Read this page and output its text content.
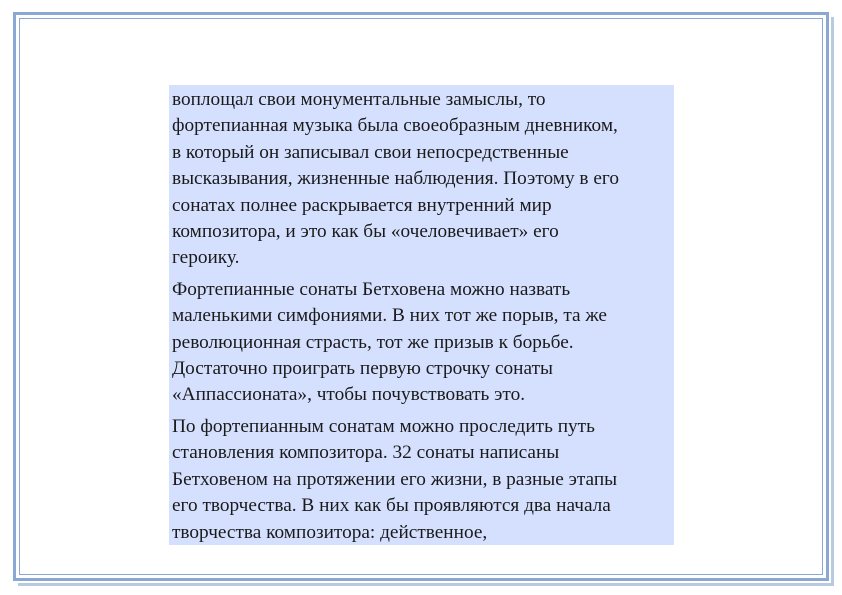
воплощал свои монументальные замыслы, то
фортепианная музыка была своеобразным дневником,
в который он записывал свои непосредственные
высказывания, жизненные наблюдения. Поэтому в его
сонатах полнее раскрывается внутренний мир
композитора, и это как бы «очеловечивает» его
героику.

Фортепианные сонаты Бетховена можно назвать
маленькими симфониями. В них тот же порыв, та же
революционная страсть, тот же призыв к борьбе.
Достаточно проиграть первую строчку сонаты
«Аппассионата», чтобы почувствовать это.

По фортепианным сонатам можно проследить путь
становления композитора. 32 сонаты написаны
Бетховеном на протяжении его жизни, в разные этапы
его творчества. В них как бы проявляются два начала
творчества композитора: действенное,
